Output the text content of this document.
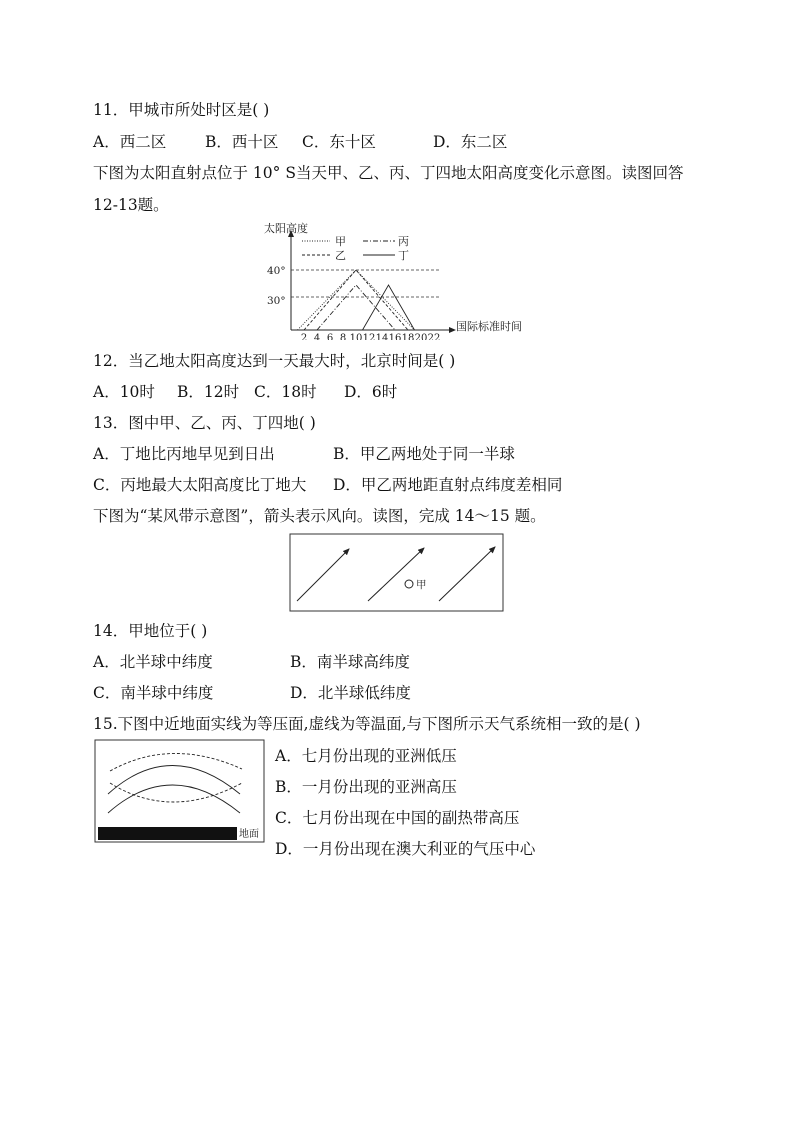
11．甲城市所处时区是( )
A．西二区	B．西十区 C．东十区	D．东二区
下图为太阳直射点位于 10° S当天甲、乙、丙、丁四地太阳高度变化示意图。读图回答
12-13题。
太阳高度
40°
30°
国际标准时间
甲	丙
乙	丁
2 4 6 8 10 12 14 16 18 20 22
12．当乙地太阳高度达到一天最大时，北京时间是( )
A．10时 B．12时 C．18时 D．6时
13．图中甲、乙、丙、丁四地( )
A．丁地比丙地早见到日出	B．甲乙两地处于同一半球
C．丙地最大太阳高度比丁地大 D．甲乙两地距直射点纬度差相同
下图为“某风带示意图”，箭头表示风向。读图，完成 14～15 题。
甲
14．甲地位于( )
A．北半球中纬度	B．南半球高纬度
C．南半球中纬度	D．北半球低纬度
15.下图中近地面实线为等压面,虚线为等温面,与下图所示天气系统相一致的是( )
地面
A．七月份出现的亚洲低压
B．一月份出现的亚洲高压
C．七月份出现在中国的副热带高压
D．一月份出现在澳大利亚的气压中心
